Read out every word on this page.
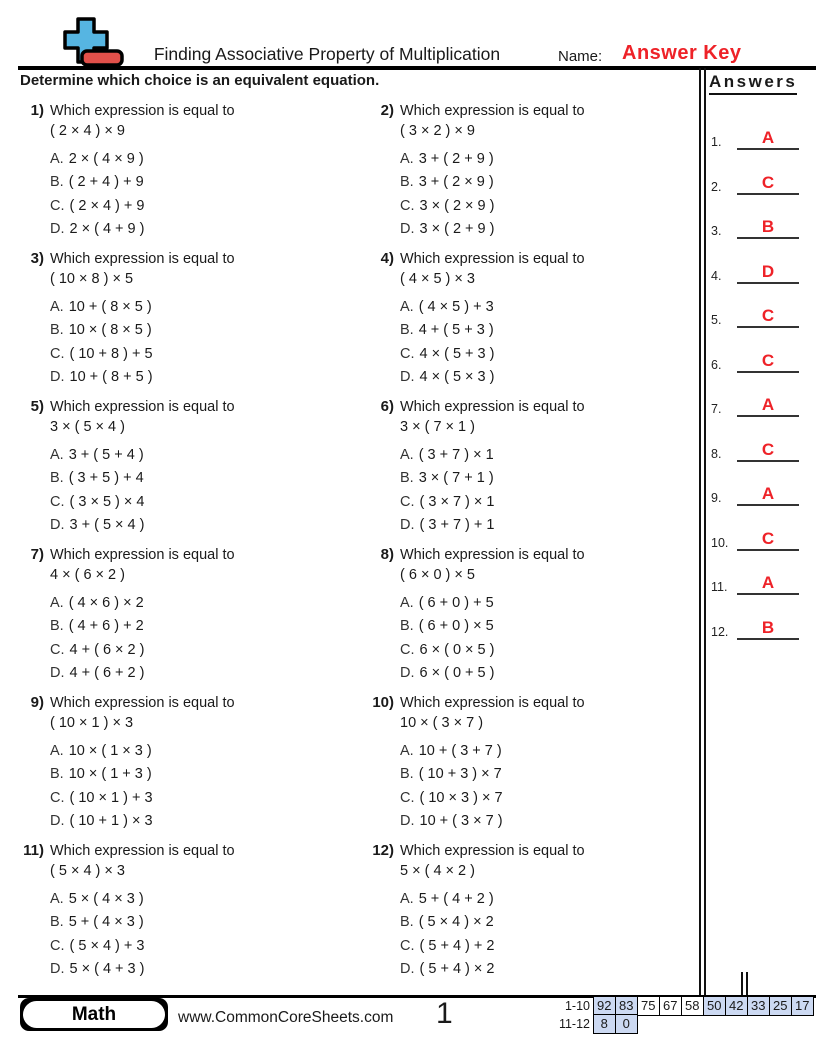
Finding Associative Property of Multiplication	Name: Answer Key
Determine which choice is an equivalent equation.
1) Which expression is equal to
( 2 × 4 ) × 9
A. 2 × ( 4 × 9 )
B. ( 2 + 4 ) + 9
C. ( 2 × 4 ) + 9
D. 2 × ( 4 + 9 )
2) Which expression is equal to
( 3 × 2 ) × 9
A. 3 + ( 2 + 9 )
B. 3 + ( 2 × 9 )
C. 3 × ( 2 × 9 )
D. 3 × ( 2 + 9 )
3) Which expression is equal to
( 10 × 8 ) × 5
A. 10 + ( 8 × 5 )
B. 10 × ( 8 × 5 )
C. ( 10 + 8 ) + 5
D. 10 + ( 8 + 5 )
4) Which expression is equal to
( 4 × 5 ) × 3
A. ( 4 × 5 ) + 3
B. 4 + ( 5 + 3 )
C. 4 × ( 5 + 3 )
D. 4 × ( 5 × 3 )
5) Which expression is equal to
3 × ( 5 × 4 )
A. 3 + ( 5 + 4 )
B. ( 3 + 5 ) + 4
C. ( 3 × 5 ) × 4
D. 3 + ( 5 × 4 )
6) Which expression is equal to
3 × ( 7 × 1 )
A. ( 3 + 7 ) × 1
B. 3 × ( 7 + 1 )
C. ( 3 × 7 ) × 1
D. ( 3 + 7 ) + 1
7) Which expression is equal to
4 × ( 6 × 2 )
A. ( 4 × 6 ) × 2
B. ( 4 + 6 ) + 2
C. 4 + ( 6 × 2 )
D. 4 + ( 6 + 2 )
8) Which expression is equal to
( 6 × 0 ) × 5
A. ( 6 + 0 ) + 5
B. ( 6 + 0 ) × 5
C. 6 × ( 0 × 5 )
D. 6 × ( 0 + 5 )
9) Which expression is equal to
( 10 × 1 ) × 3
A. 10 × ( 1 × 3 )
B. 10 × ( 1 + 3 )
C. ( 10 × 1 ) + 3
D. ( 10 + 1 ) × 3
10) Which expression is equal to
10 × ( 3 × 7 )
A. 10 + ( 3 + 7 )
B. ( 10 + 3 ) × 7
C. ( 10 × 3 ) × 7
D. 10 + ( 3 × 7 )
11) Which expression is equal to
( 5 × 4 ) × 3
A. 5 × ( 4 × 3 )
B. 5 + ( 4 × 3 )
C. ( 5 × 4 ) + 3
D. 5 × ( 4 + 3 )
12) Which expression is equal to
5 × ( 4 × 2 )
A. 5 + ( 4 + 2 )
B. ( 5 × 4 ) × 2
C. ( 5 + 4 ) + 2
D. ( 5 + 4 ) × 2
Answers
1.	A
2.	C
3.	B
4.	D
5.	C
6.	C
7.	A
8.	C
9.	A
10.	C
11.	A
12.	B
Math	www.CommonCoreSheets.com 1	1-10 92 83 75 67 58 50 42 33 25 17
11-12 8	0
